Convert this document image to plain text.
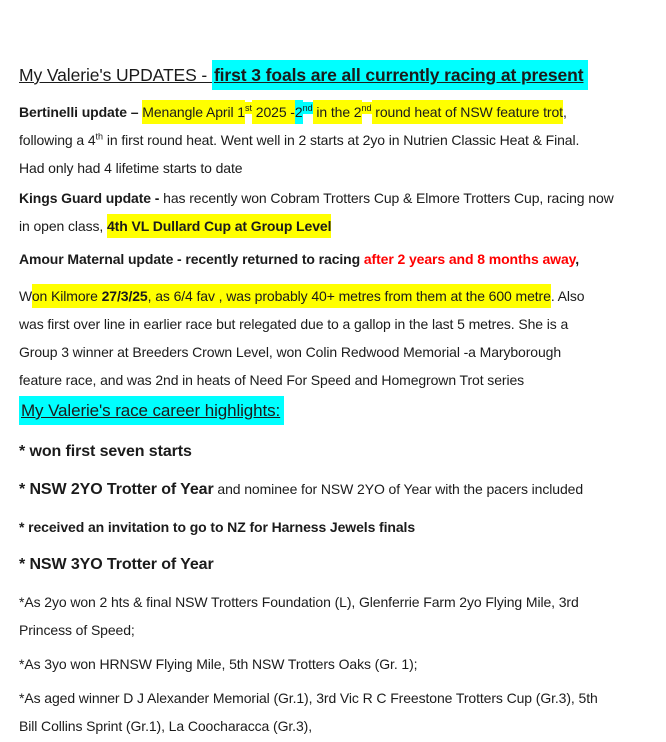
My Valerie's UPDATES - first 3 foals are all currently racing at present

Bertinelli update – Menangle April 1st 2025 -2nd in the 2nd round heat of NSW feature trot,
following a 4th in first round heat. Went well in 2 starts at 2yo in Nutrien Classic Heat & Final.
Had only had 4 lifetime starts to date

Kings Guard update - has recently won Cobram Trotters Cup & Elmore Trotters Cup, racing now
in open class, 4th VL Dullard Cup at Group Level

Amour Maternal update - recently returned to racing after 2 years and 8 months away,

Won Kilmore 27/3/25, as 6/4 fav , was probably 40+ metres from them at the 600 metre. Also
was first over line in earlier race but relegated due to a gallop in the last 5 metres. She is a
Group 3 winner at Breeders Crown Level, won Colin Redwood Memorial -a Maryborough
feature race, and was 2nd in heats of Need For Speed and Homegrown Trot series

My Valerie's race career highlights:

* won first seven starts

* NSW 2YO Trotter of Year and nominee for NSW 2YO of Year with the pacers included

* received an invitation to go to NZ for Harness Jewels finals

* NSW 3YO Trotter of Year

*As 2yo won 2 hts & final NSW Trotters Foundation (L), Glenferrie Farm 2yo Flying Mile, 3rd
Princess of Speed;

*As 3yo won HRNSW Flying Mile, 5th NSW Trotters Oaks (Gr. 1);

*As aged winner D J Alexander Memorial (Gr.1), 3rd Vic R C Freestone Trotters Cup (Gr.3), 5th
Bill Collins Sprint (Gr.1), La Coocharacca (Gr.3),
